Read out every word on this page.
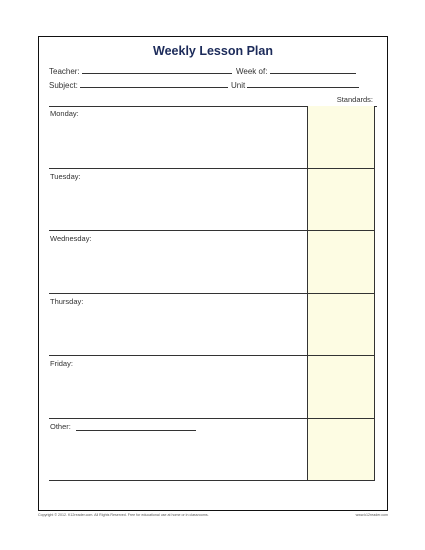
Weekly Lesson Plan
Teacher:	Week of:
Subject:	Unit
Standards:
Monday:
Tuesday:
Wednesday:
Thursday:
Friday:
Other:
Copyright © 2012. K12reader.com. All Rights Reserved. Free for educational use at home or in classrooms.	www.k12reader.com
